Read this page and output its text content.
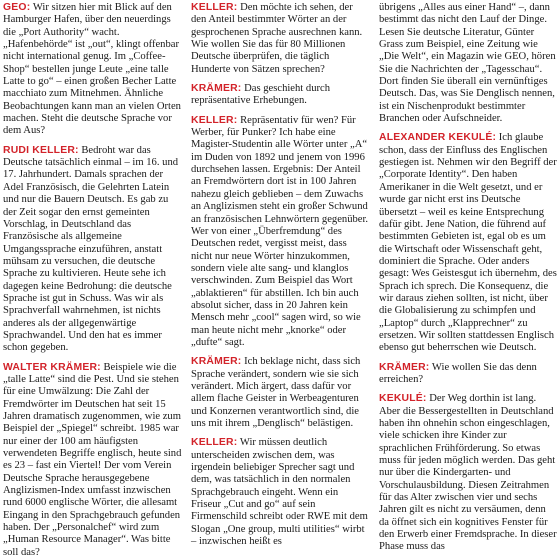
GEO: Wir sitzen hier mit Blick auf den Hamburger Hafen, über den neuerdings die „Port Authority“ wacht. „Hafenbehörde“ ist „out“, klingt offenbar nicht international genug. Im „Coffee-Shop“ bestellen junge Leute „eine talle Latte to go“ – einen großen Becher Latte macchiato zum Mitnehmen. Ähnliche Beobachtungen kann man an vielen Orten machen. Steht die deutsche Sprache vor dem Aus?

RUDI KELLER: Bedroht war das Deutsche tatsächlich einmal – im 16. und 17. Jahrhundert. Damals sprachen der Adel Französisch, die Gelehrten Latein und nur die Bauern Deutsch. Es gab zu der Zeit sogar den ernst gemeinten Vorschlag, in Deutschland das Französische als allgemeine Umgangssprache einzuführen, anstatt mühsam zu versuchen, die deutsche Sprache zu kultivieren. Heute sehe ich dagegen keine Bedrohung: die deutsche Sprache ist gut in Schuss. Was wir als Sprachverfall wahrnehmen, ist nichts anderes als der allgegenwärtige Sprachwandel. Und den hat es immer schon gegeben.

WALTER KRÄMER: Beispiele wie die „talle Latte“ sind die Pest. Und sie stehen für eine Umwälzung: Die Zahl der Fremdwörter im Deutschen hat seit 15 Jahren dramatisch zugenommen, wie zum Beispiel der „Spiegel“ schreibt. 1985 war nur einer der 100 am häufigsten verwendeten Begriffe englisch, heute sind es 23 – fast ein Viertel! Der vom Verein Deutsche Sprache herausgegebene Anglizismen-Index umfasst inzwischen rund 6000 englische Wörter, die allesamt Eingang in den Sprachgebrauch gefunden haben. Der „Personalchef“ wird zum „Human Resource Manager“. Was bitte soll das?

KELLER: Den möchte ich sehen, der den Anteil bestimmter Wörter an der gesprochenen Sprache ausrechnen kann. Wie wollen Sie das für 80 Millionen Deutsche überprüfen, die täglich Hunderte von Sätzen sprechen?

KRÄMER: Das geschieht durch repräsentative Erhebungen.

KELLER: Repräsentativ für wen? Für Werber, für Punker? Ich habe eine Magister-Studentin alle Wörter unter „A“ im Duden von 1892 und jenem von 1996 durchsehen lassen. Ergebnis: Der Anteil an Fremdwörtern dort ist in 100 Jahren nahezu gleich geblieben – dem Zuwachs an Anglizismen steht ein großer Schwund an französischen Lehnwörtern gegenüber. Wer von einer „Überfremdung“ des Deutschen redet, vergisst meist, dass nicht nur neue Wörter hinzukommen, sondern viele alte sang- und klanglos verschwinden. Zum Beispiel das Wort „ablaktieren“ für abstillen. Ich bin auch absolut sicher, dass in 20 Jahren kein Mensch mehr „cool“ sagen wird, so wie man heute nicht mehr „knorke“ oder „dufte“ sagt.

KRÄMER: Ich beklage nicht, dass sich Sprache verändert, sondern wie sie sich verändert. Mich ärgert, dass dafür vor allem flache Geister in Werbeagenturen und Konzernen verantwortlich sind, die uns mit ihrem „Denglisch“ belästigen.

KELLER: Wir müssen deutlich unterscheiden zwischen dem, was irgendein beliebiger Sprecher sagt und dem, was tatsächlich in den normalen Sprachgebrauch eingeht. Wenn ein Friseur „Cut and go“ auf sein Firmenschild schreibt oder RWE mit dem Slogan „One group, multi utilities“ wirbt – inzwischen heißt es

übrigens „Alles aus einer Hand“ –, dann bestimmt das nicht den Lauf der Dinge. Lesen Sie deutsche Literatur, Günter Grass zum Beispiel, eine Zeitung wie „Die Welt“, ein Magazin wie GEO, hören Sie die Nachrichten der „Tagesschau“. Dort finden Sie überall ein vernünftiges Deutsch. Das, was Sie Denglisch nennen, ist ein Nischenprodukt bestimmter Branchen oder Aufschneider.

ALEXANDER KEKULÉ: Ich glaube schon, dass der Einfluss des Englischen gestiegen ist. Nehmen wir den Begriff der „Corporate Identity“. Den haben Amerikaner in die Welt gesetzt, und er wurde gar nicht erst ins Deutsche übersetzt – weil es keine Entsprechung dafür gibt. Jene Nation, die führend auf bestimmten Gebieten ist, egal ob es um die Wirtschaft oder Wissenschaft geht, dominiert die Sprache. Oder anders gesagt: Wes Geistesgut ich übernehm, des Sprach ich sprech. Die Konsequenz, die wir daraus ziehen sollten, ist nicht, über die Globalisierung zu schimpfen und „Laptop“ durch „Klapprechner“ zu ersetzen. Wir sollten stattdessen Englisch ebenso gut beherrschen wie Deutsch.

KRÄMER: Wie wollen Sie das denn erreichen?

KEKULÉ: Der Weg dorthin ist lang. Aber die Bessergestellten in Deutschland haben ihn ohnehin schon eingeschlagen, viele schicken ihre Kinder zur sprachlichen Frühförderung. So etwas muss für jeden möglich werden. Das geht nur über die Kindergarten- und Vorschulausbildung. Diesen Zeitrahmen für das Alter zwischen vier und sechs Jahren gilt es nicht zu versäumen, denn da öffnet sich ein kognitives Fenster für den Erwerb einer Fremdsprache. In dieser Phase muss das
